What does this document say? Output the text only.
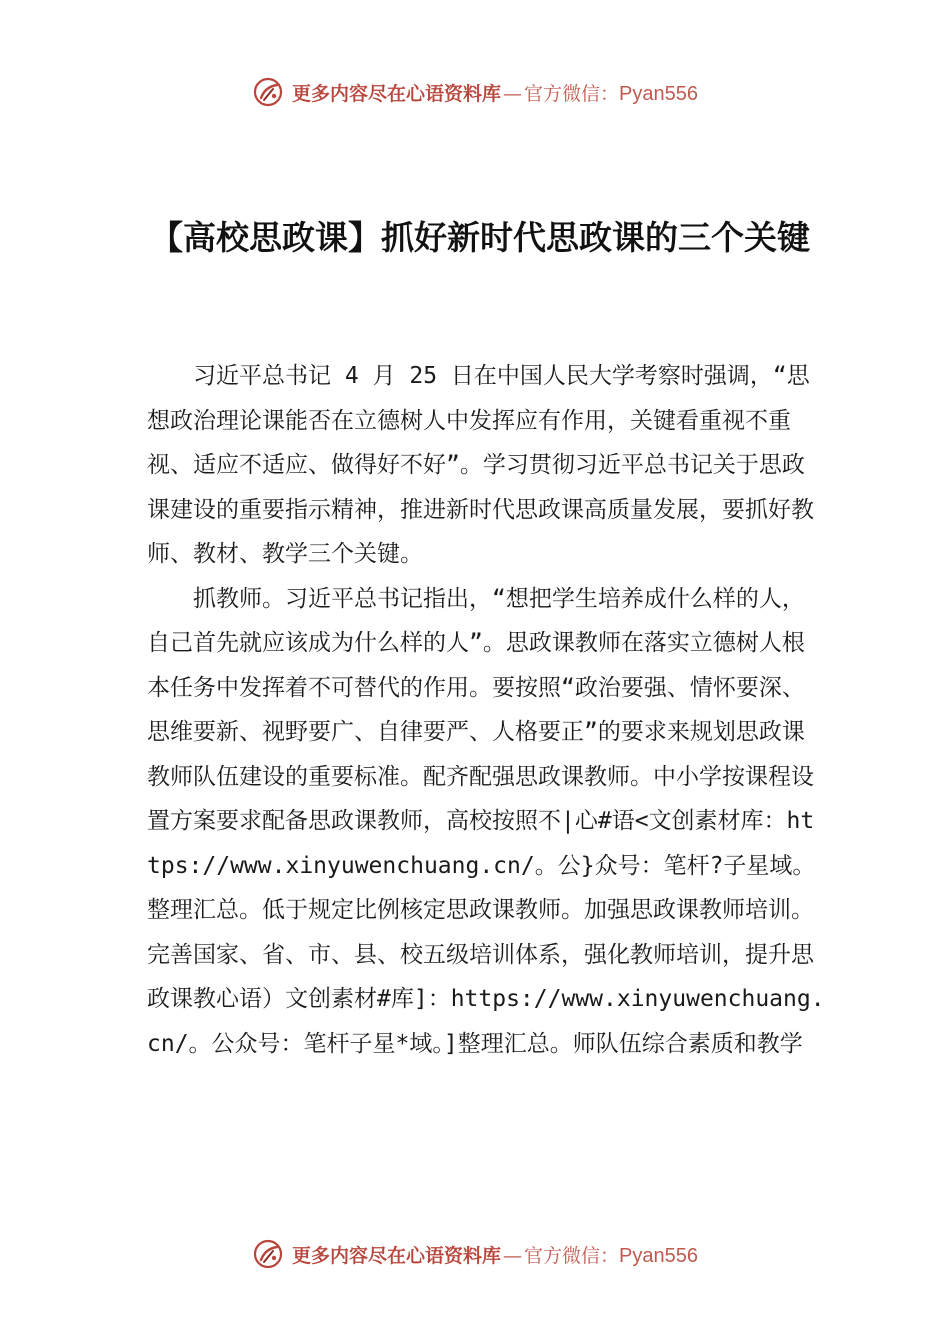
更多内容尽在心语资料库 — 官方微信： Pyan556
【高校思政课】抓好新时代思政课的三个关键

习近平总书记 4 月 25 日在中国人民大学考察时强调，“思想政治理论课能否在立德树人中发挥应有作用，关键看重视不重视、适应不适应、做得好不好”。学习贯彻习近平总书记关于思政课建设的重要指示精神，推进新时代思政课高质量发展，要抓好教师、教材、教学三个关键。

抓教师。习近平总书记指出，“想把学生培养成什么样的人，自己首先就应该成为什么样的人”。思政课教师在落实立德树人根本任务中发挥着不可替代的作用。要按照“政治要强、情怀要深、思维要新、视野要广、自律要严、人格要正”的要求来规划思政课教师队伍建设的重要标准。配齐配强思政课教师。中小学按课程设置方案要求配备思政课教师，高校按照不|心#语<文创素材库：https://www.xinyuwenchuang.cn/。公}众号：笔杆?子星域。整理汇总。低于规定比例核定思政课教师。加强思政课教师培训。完善国家、省、市、县、校五级培训体系，强化教师培训，提升思政课教心语）文创素材#库]：https://www.xinyuwenchuang.cn/。公众号：笔杆子星*域。]整理汇总。师队伍综合素质和教学

更多内容尽在心语资料库 — 官方微信： Pyan556
